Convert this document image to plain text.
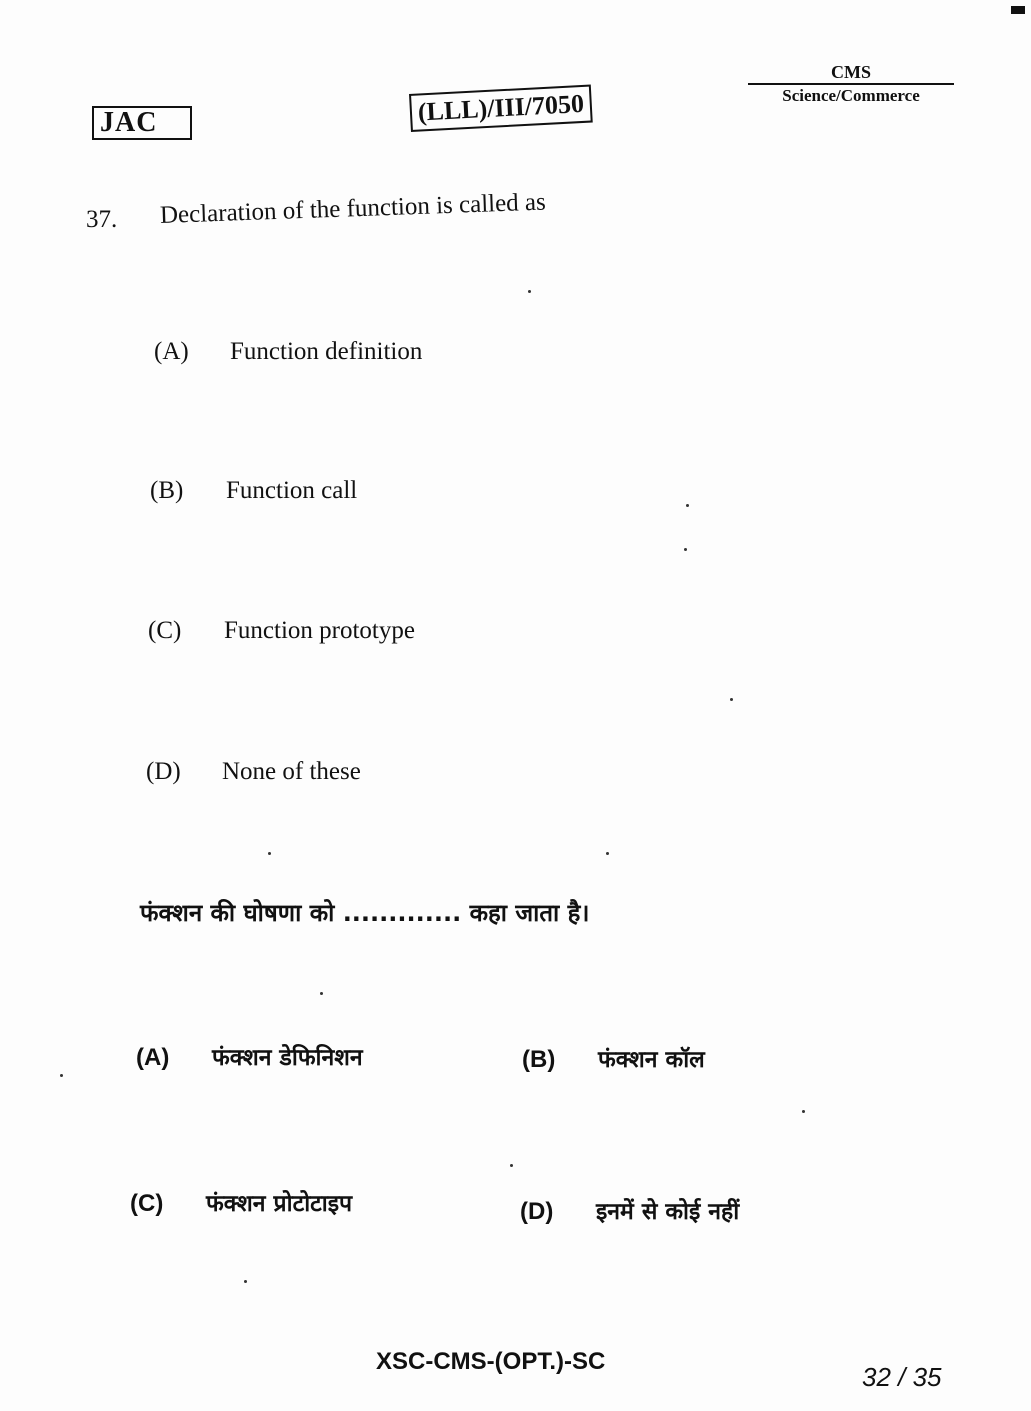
JAC	(LLL)/III/7050
CMS
Science/Commerce
37. Declaration of the function is called as
(A) Function definition
(B) Function call
(C) Function prototype
(D) None of these
फंक्शन की घोषणा को ............. कहा जाता है।
(A) फंक्शन डेफिनिशन	(B) फंक्शन कॉल
(C) फंक्शन प्रोटोटाइप	(D) इनमें से कोई नहीं
XSC-CMS-(OPT.)-SC
32 / 35
